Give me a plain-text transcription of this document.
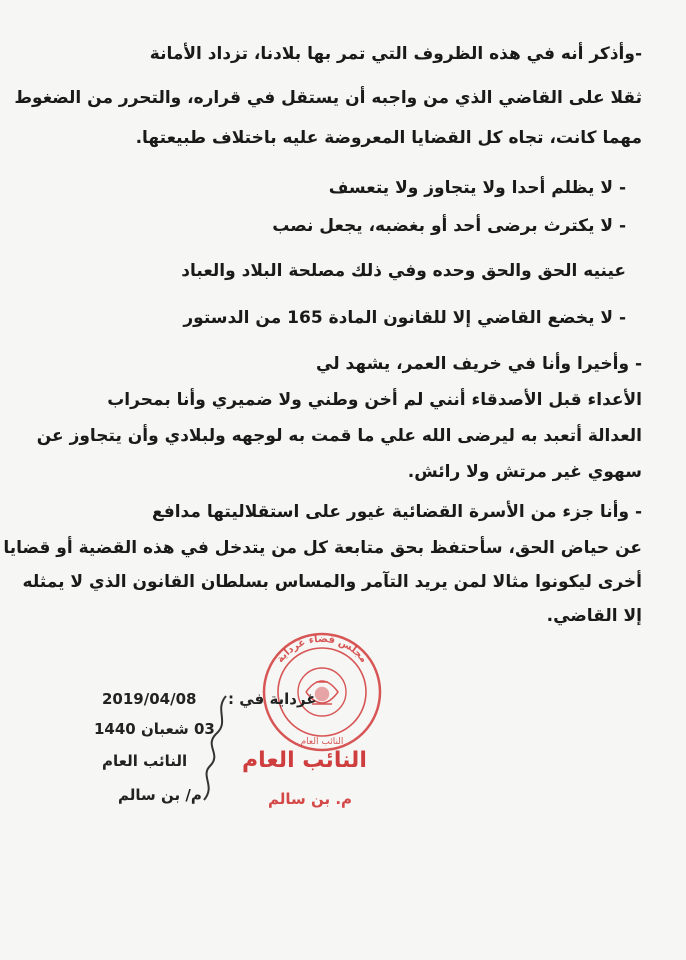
-وأذكر أنه في هذه الظروف التي تمر بها بلادنا، تزداد الأمانة
ثقلا على القاضي الذي من واجبه أن يستقل في قراره، والتحرر من الضغوط
مهما كانت، تجاه كل القضايا المعروضة عليه باختلاف طبيعتها.
- لا يظلم أحدا ولا يتجاوز ولا يتعسف
- لا يكترث برضى أحد أو بغضبه، يجعل نصب
عينيه الحق والحق وحده وفي ذلك مصلحة البلاد والعباد
- لا يخضع القاضي إلا للقانون المادة 165 من الدستور
- وأخيرا وأنا في خريف العمر، يشهد لي
الأعداء قبل الأصدقاء أنني لم أخن وطني ولا ضميري وأنا بمحراب
العدالة أتعبد به ليرضى الله علي ما قمت به لوجهه ولبلادي وأن يتجاوز عن
سهوي غير مرتش ولا رائش.
- وأنا جزء من الأسرة القضائية غيور على استقلاليتها مدافع
عن حياض الحق، سأحتفظ بحق متابعة كل من يتدخل في هذه القضية أو قضايا
أخرى ليكونوا مثالا لمن يريد التآمر والمساس بسلطان القانون الذي لا يمثله
إلا القاضي.
مجلس قضاء غرداية
النائب العام
النائب العام
م. بن سالم
غرداية في :
2019/04/08
03 شعبان 1440
النائب العام
م/ بن سالم
